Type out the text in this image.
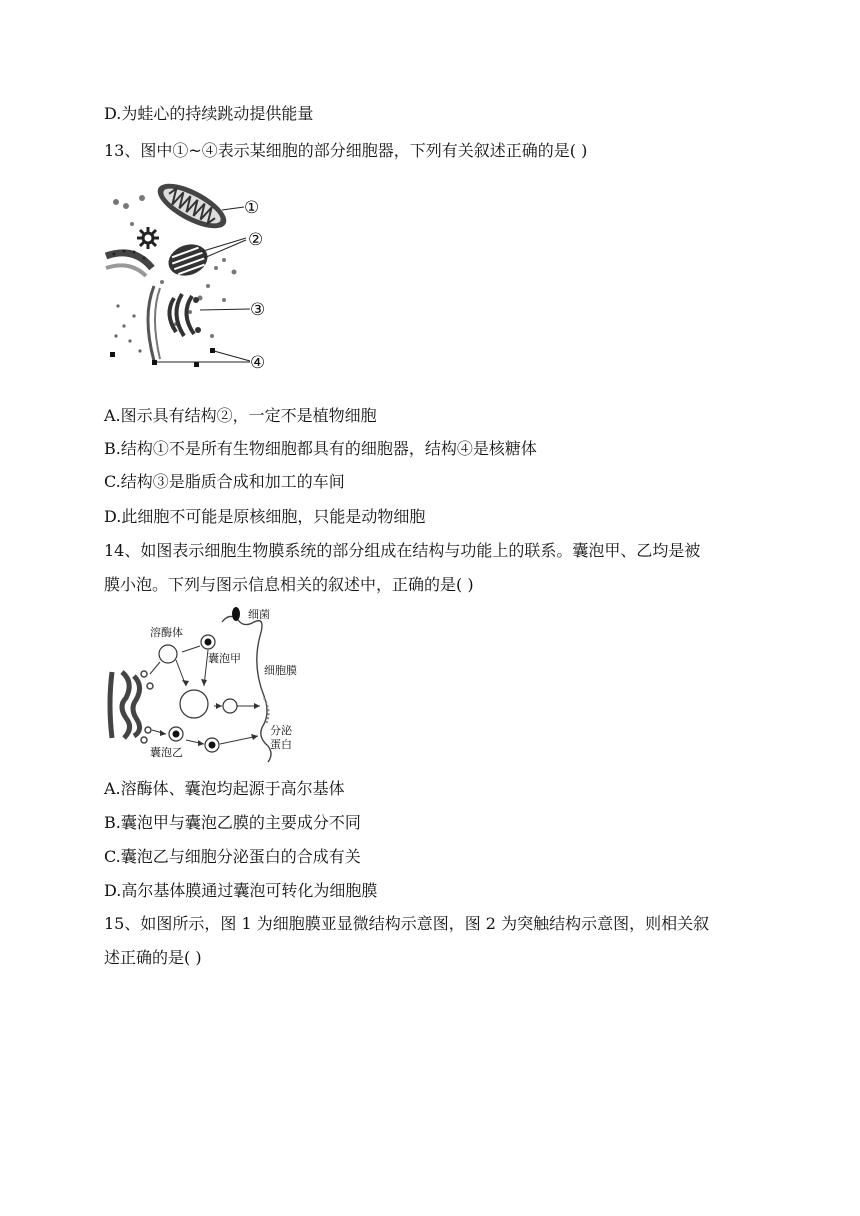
D.为蛙心的持续跳动提供能量
13、图中①~④表示某细胞的部分细胞器，下列有关叙述正确的是( )
①
②
③
④
A.图示具有结构②，一定不是植物细胞
B.结构①不是所有生物细胞都具有的细胞器，结构④是核糖体
C.结构③是脂质合成和加工的车间
D.此细胞不可能是原核细胞，只能是动物细胞
14、如图表示细胞生物膜系统的部分组成在结构与功能上的联系。囊泡甲、乙均是被
膜小泡。下列与图示信息相关的叙述中，正确的是( )
溶酶体
囊泡甲
囊泡乙
细菌
细胞膜
分泌
蛋白
A.溶酶体、囊泡均起源于高尔基体
B.囊泡甲与囊泡乙膜的主要成分不同
C.囊泡乙与细胞分泌蛋白的合成有关
D.高尔基体膜通过囊泡可转化为细胞膜
15、如图所示，图 1 为细胞膜亚显微结构示意图，图 2 为突触结构示意图，则相关叙
述正确的是( )
